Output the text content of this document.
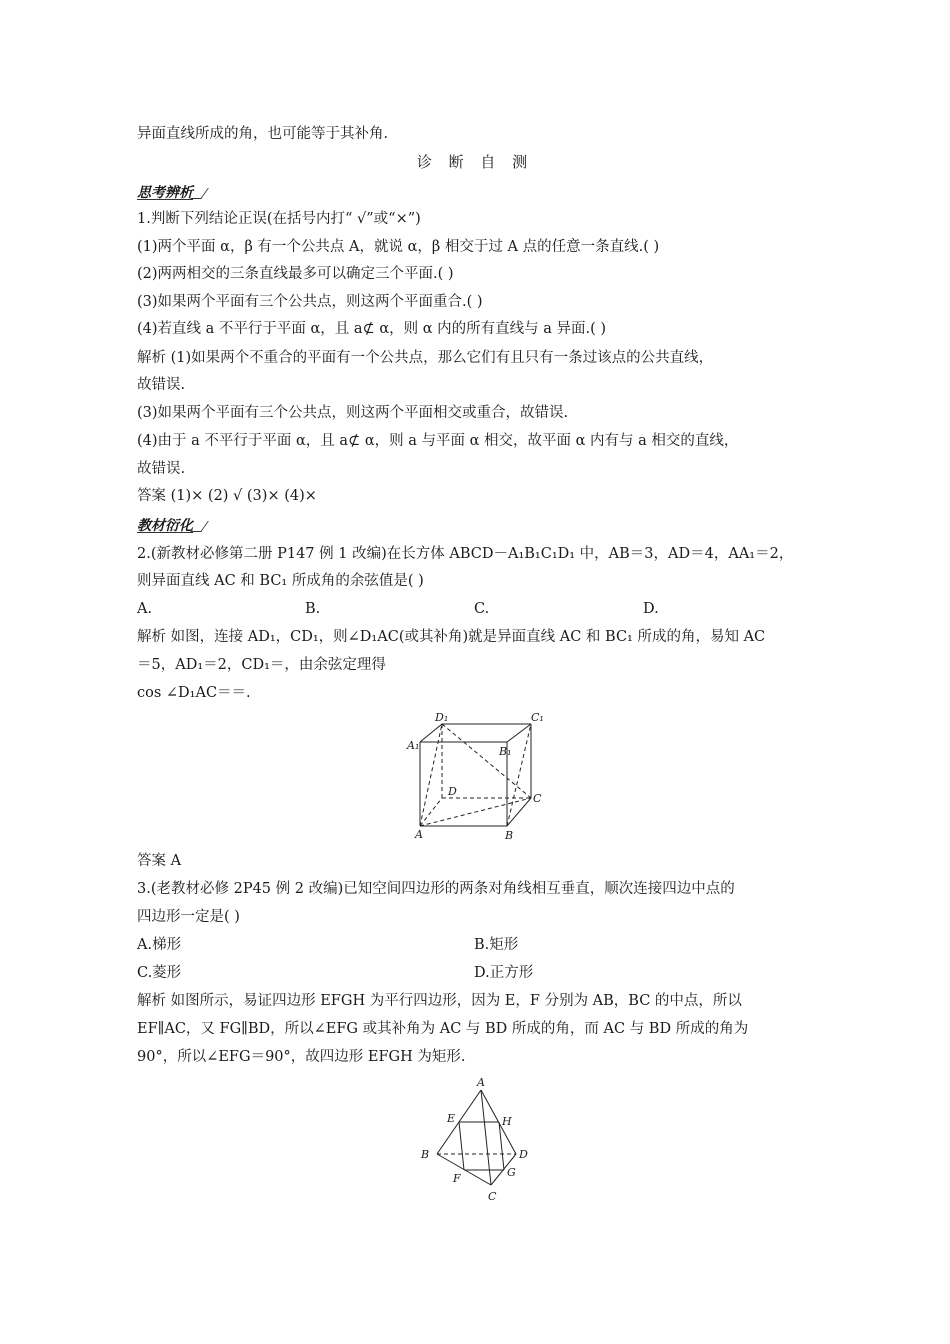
异面直线所成的角，也可能等于其补角.
诊 断 自 测
思考辨析
1.判断下列结论正误(在括号内打“ √”或“×”)
(1)两个平面 α，β 有一个公共点 A，就说 α，β 相交于过 A 点的任意一条直线.( )
(2)两两相交的三条直线最多可以确定三个平面.( )
(3)如果两个平面有三个公共点，则这两个平面重合.( )
(4)若直线 a 不平行于平面 α，且 a⊄ α，则 α 内的所有直线与 a 异面.( )
解析 (1)如果两个不重合的平面有一个公共点，那么它们有且只有一条过该点的公共直线，
故错误.
(3)如果两个平面有三个公共点，则这两个平面相交或重合，故错误.
(4)由于 a 不平行于平面 α，且 a⊄ α，则 a 与平面 α 相交，故平面 α 内有与 a 相交的直线，
故错误.
答案 (1)× (2) √ (3)× (4)×
教材衍化
2.(新教材必修第二册 P147 例 1 改编)在长方体 ABCD－A₁B₁C₁D₁ 中，AB＝3，AD＝4，AA₁＝2，
则异面直线 AC 和 BC₁ 所成角的余弦值是( )
A.	B.	C.	D.
解析 如图，连接 AD₁，CD₁，则∠D₁AC(或其补角)就是异面直线 AC 和 BC₁ 所成的角，易知 AC
＝5，AD₁＝2，CD₁＝，由余弦定理得
cos ∠D₁AC＝＝.
D₁	C₁
B₁
A₁
D
C
A	B
答案 A
3.(老教材必修 2P45 例 2 改编)已知空间四边形的两条对角线相互垂直，顺次连接四边中点的
四边形一定是( )
A.梯形	B.矩形
C.菱形	D.正方形
解析 如图所示，易证四边形 EFGH 为平行四边形，因为 E，F 分别为 AB，BC 的中点，所以
EF∥AC，又 FG∥BD，所以∠EFG 或其补角为 AC 与 BD 所成的角，而 AC 与 BD 所成的角为
90°，所以∠EFG＝90°，故四边形 EFGH 为矩形.
A
E	H
B	D
F	G
C
